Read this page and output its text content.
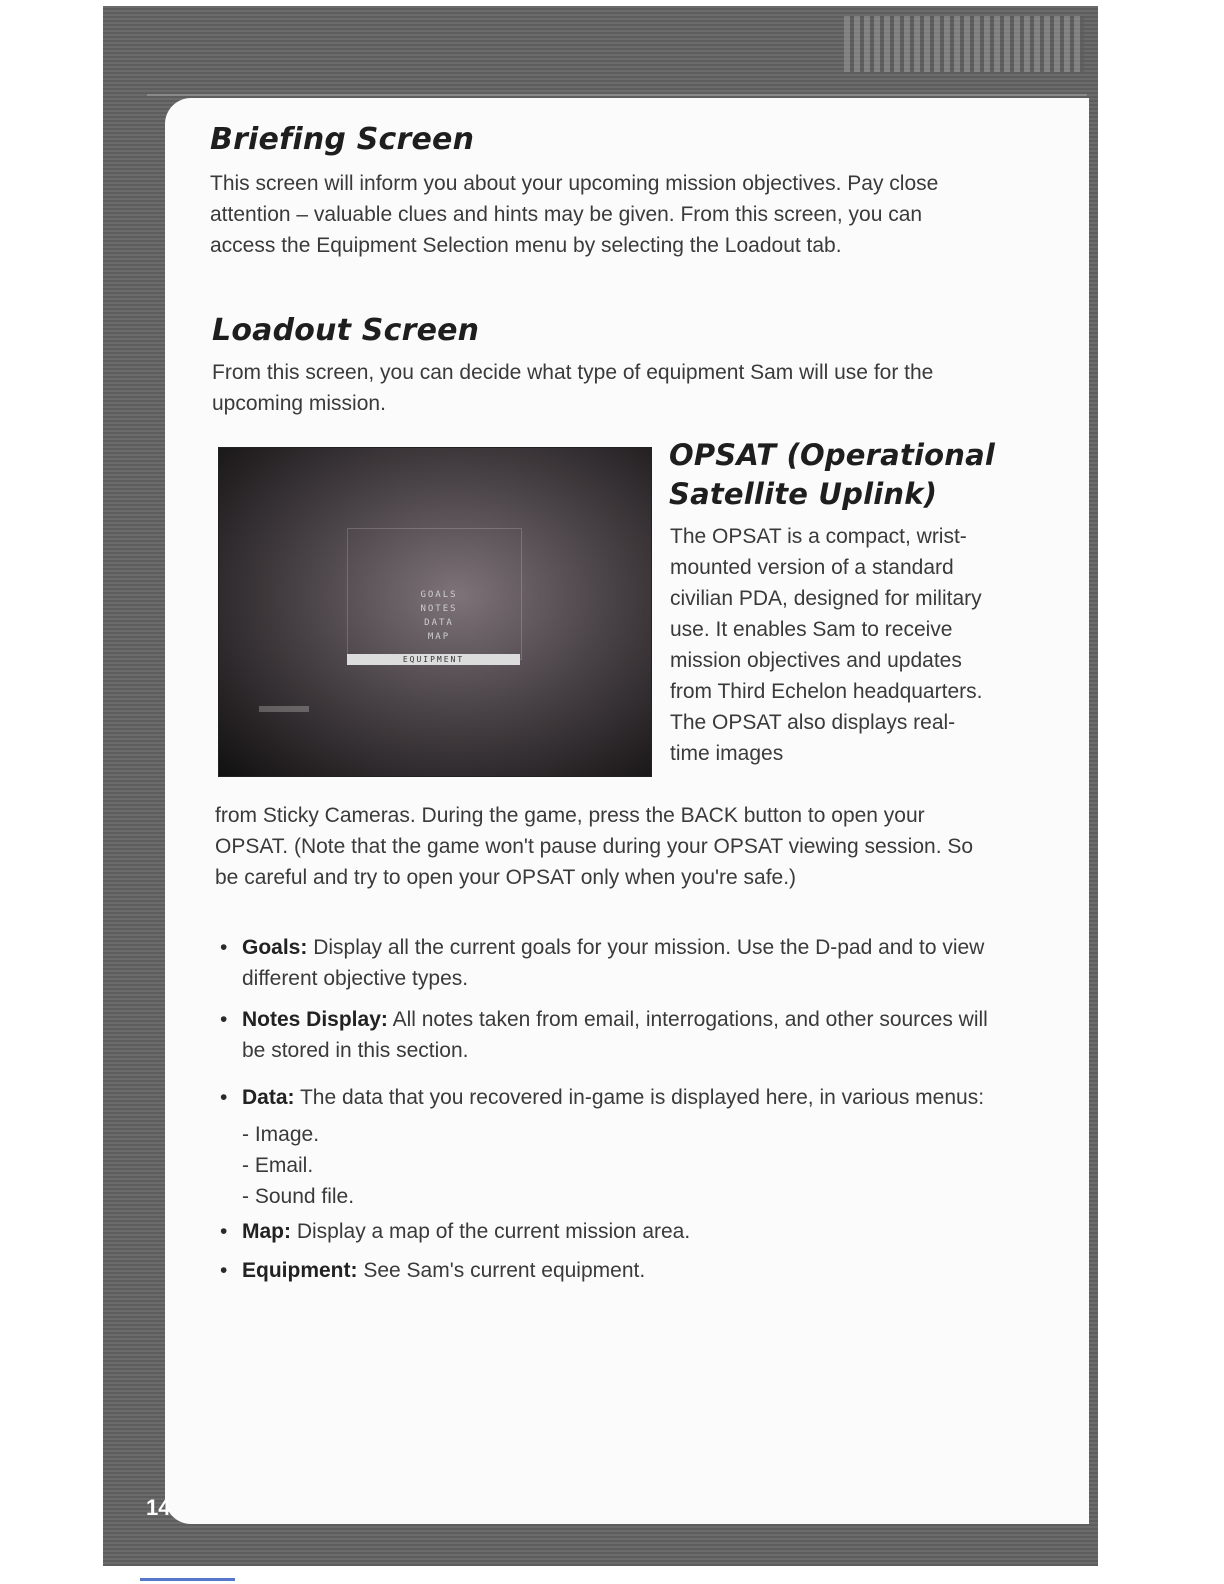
Briefing Screen

This screen will inform you about your upcoming mission objectives. Pay close attention – valuable clues and hints may be given. From this screen, you can access the Equipment Selection menu by selecting the Loadout tab.

Loadout Screen

From this screen, you can decide what type of equipment Sam will use for the upcoming mission.

GOALS
NOTES
DATA
MAP
EQUIPMENT
OPSAT (Operational Satellite Uplink)

The OPSAT is a compact, wrist-mounted version of a standard civilian PDA, designed for military use. It enables Sam to receive mission objectives and updates from Third Echelon headquarters. The OPSAT also displays real-time images

from Sticky Cameras. During the game, press the BACK button to open your OPSAT. (Note that the game won't pause during your OPSAT viewing session. So be careful and try to open your OPSAT only when you're safe.)

• Goals: Display all the current goals for your mission. Use the D-pad and to view different objective types.
• Notes Display: All notes taken from email, interrogations, and other sources will be stored in this section.
• Data: The data that you recovered in-game is displayed here, in various menus:
- Image.
- Email.
- Sound file.
• Map: Display a map of the current mission area.
• Equipment: See Sam's current equipment.
14
